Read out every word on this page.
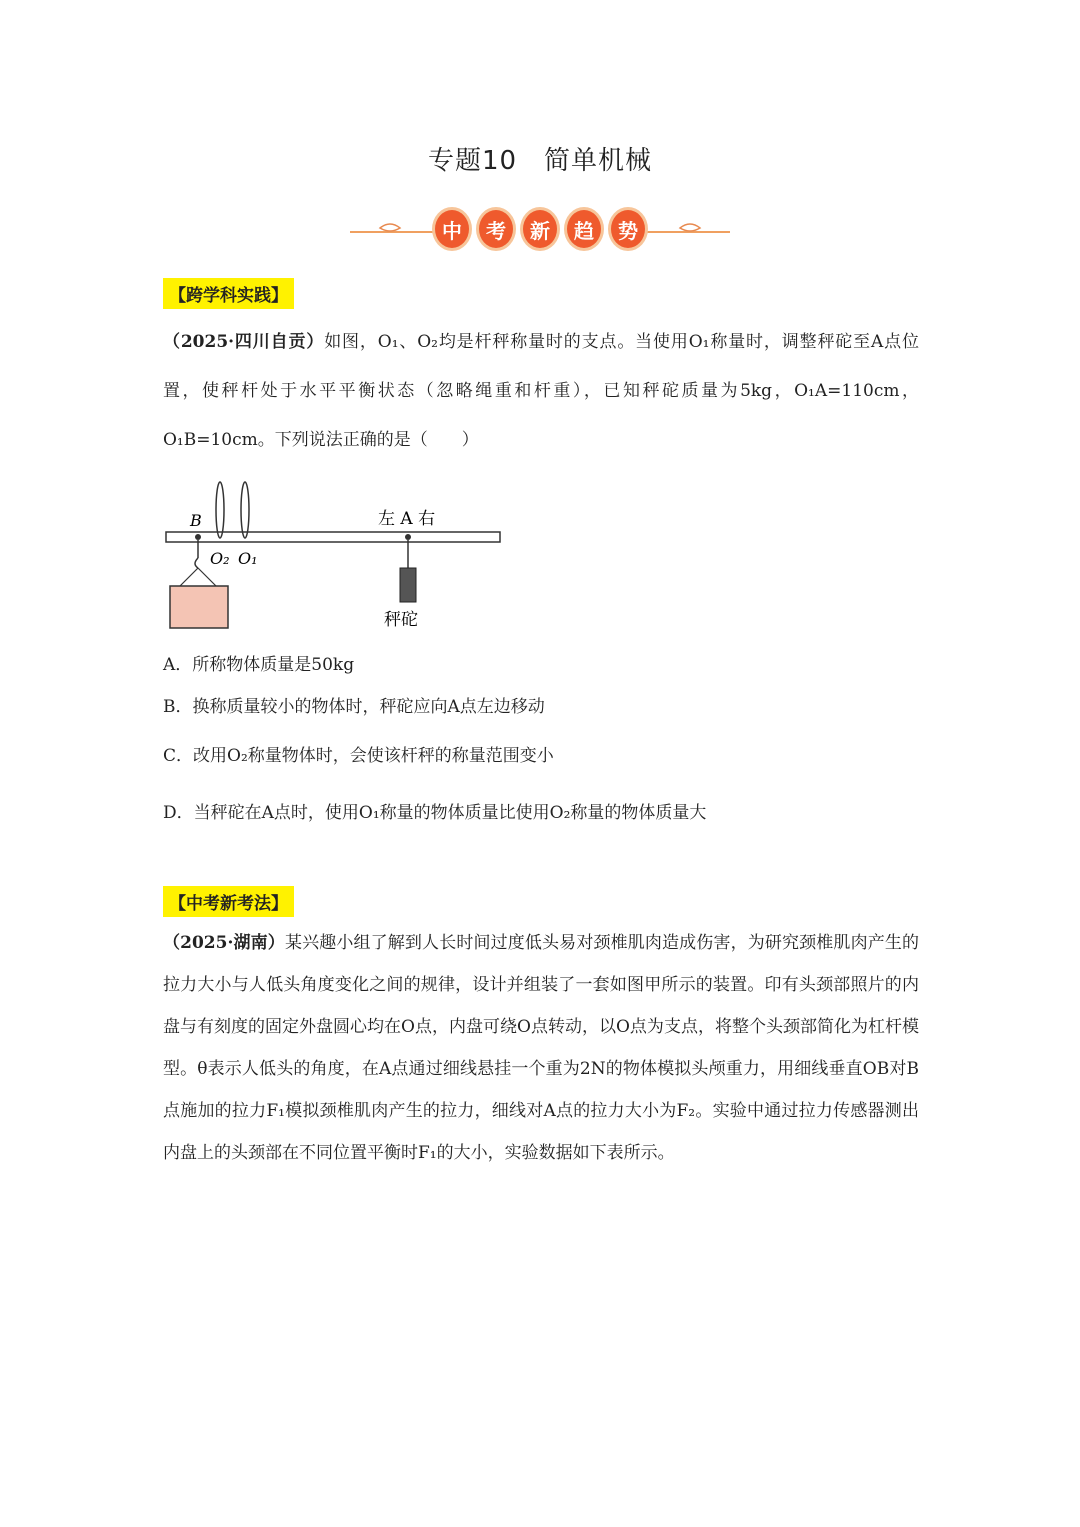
专题10　简单机械
中	考	新	趋	势
【跨学科实践】
（2025·四川自贡）如图，O₁、O₂均是杆秤称量时的支点。当使用O₁称量时，调整秤砣至A点位置，使秤杆处于水平平衡状态（忽略绳重和杆重），已知秤砣质量为5kg，O₁A=110cm，O₁B=10cm。下列说法正确的是（　　）
B
O₂ O₁
左 A 右
秤砣
A．所称物体质量是50kg
B．换称质量较小的物体时，秤砣应向A点左边移动
C．改用O₂称量物体时，会使该杆秤的称量范围变小
D．当秤砣在A点时，使用O₁称量的物体质量比使用O₂称量的物体质量大
【中考新考法】
（2025·湖南）某兴趣小组了解到人长时间过度低头易对颈椎肌肉造成伤害，为研究颈椎肌肉产生的拉力大小与人低头角度变化之间的规律，设计并组装了一套如图甲所示的装置。印有头颈部照片的内盘与有刻度的固定外盘圆心均在O点，内盘可绕O点转动，以O点为支点，将整个头颈部简化为杠杆模型。θ表示人低头的角度，在A点通过细线悬挂一个重为2N的物体模拟头颅重力，用细线垂直OB对B点施加的拉力F₁模拟颈椎肌肉产生的拉力，细线对A点的拉力大小为F₂。实验中通过拉力传感器测出内盘上的头颈部在不同位置平衡时F₁的大小，实验数据如下表所示。
